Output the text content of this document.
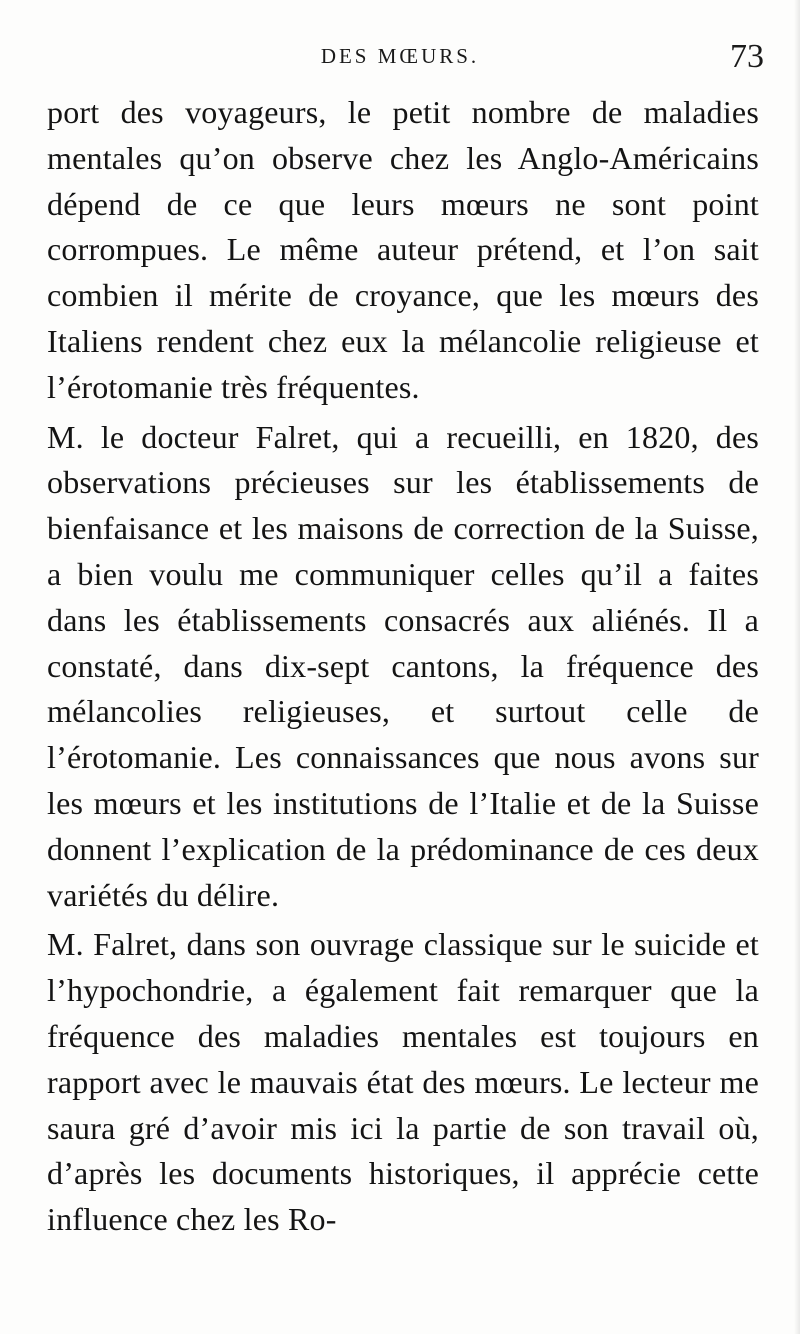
DES MŒURS.	73

port des voyageurs, le petit nombre de maladies mentales qu’on observe chez les Anglo-Américains dépend de ce que leurs mœurs ne sont point corrompues. Le même auteur prétend, et l’on sait combien il mérite de croyance, que les mœurs des Italiens rendent chez eux la mélancolie religieuse et l’érotomanie très fréquentes.

M. le docteur Falret, qui a recueilli, en 1820, des observations précieuses sur les établissements de bienfaisance et les maisons de correction de la Suisse, a bien voulu me communiquer celles qu’il a faites dans les établissements consacrés aux aliénés. Il a constaté, dans dix-sept cantons, la fréquence des mélancolies religieuses, et surtout celle de l’érotomanie. Les connaissances que nous avons sur les mœurs et les institutions de l’Italie et de la Suisse donnent l’explication de la prédominance de ces deux variétés du délire.

M. Falret, dans son ouvrage classique sur le suicide et l’hypochondrie, a également fait remarquer que la fréquence des maladies mentales est toujours en rapport avec le mauvais état des mœurs. Le lecteur me saura gré d’avoir mis ici la partie de son travail où, d’après les documents historiques, il apprécie cette influence chez les Ro-
